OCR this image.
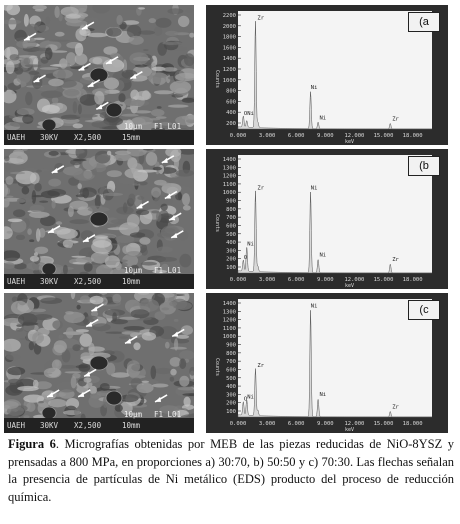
UAEH 30KV X2,500	15mm
10μm F1 L01
2200
2000
1800
1600
1400
1200
1000
800
600
400
200
Counts
0.000 3.000 6.000 9.000 12.000 15.000 18.000
keV
Zr
Ni
O Ni
Zr
Ni
(a
UAEH 30KV X2,500	10mm
10μm F1 L01
1400
1300
1200
1100
1000
900
800
700
600
500
400
300
200
100
Counts
0.000 3.000 6.000 9.000 12.000 15.000 18.000
keV
Zr	Ni
O
Ni
Zr
Ni
(b
UAEH 30KV X2,500	10mm
10μm F1 L01
1400
1300
1200
1100
1000
900
800
700
600
500
400
300
200
100
Counts
0.000 3.000 6.000 9.000 12.000 15.000 18.000
keV
Zr
Ni
O Ni
Zr
Ni
(c
Figura 6. Micrografías obtenidas por MEB de las piezas reducidas de NiO-8YSZ y prensadas a 800 MPa, en proporciones a) 30:70, b) 50:50 y c) 70:30. Las flechas señalan la presencia de partículas de Ni metálico (EDS) producto del proceso de reducción química.
